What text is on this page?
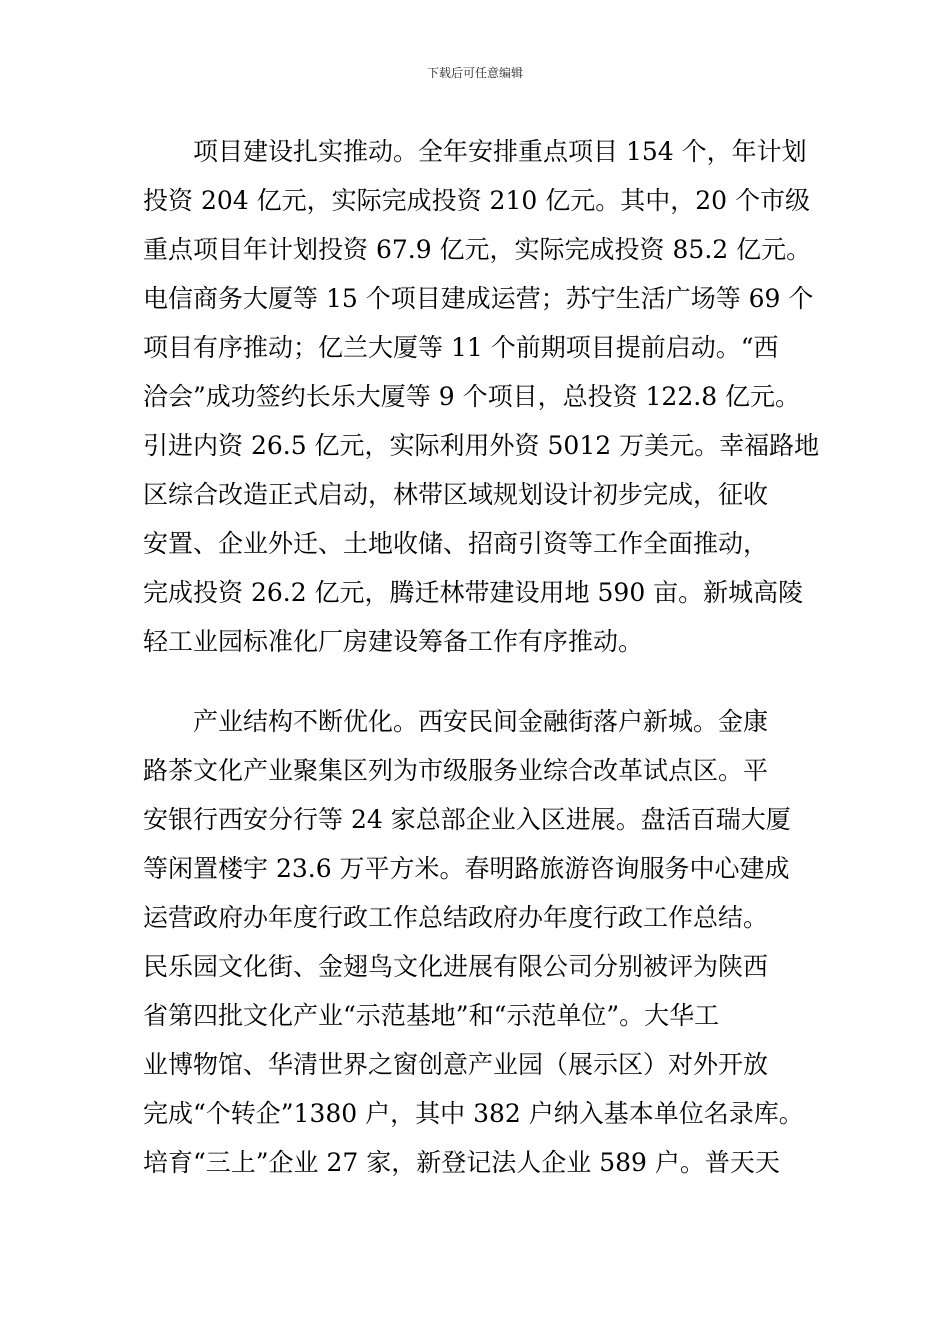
下载后可任意编辑
　　项目建设扎实推动。全年安排重点项目 154 个，年计划
投资 204 亿元，实际完成投资 210 亿元。其中，20 个市级
重点项目年计划投资 67.9 亿元，实际完成投资 85.2 亿元。
电信商务大厦等 15 个项目建成运营；苏宁生活广场等 69 个
项目有序推动；亿兰大厦等 11 个前期项目提前启动。“西
洽会”成功签约长乐大厦等 9 个项目，总投资 122.8 亿元。
引进内资 26.5 亿元，实际利用外资 5012 万美元。幸福路地
区综合改造正式启动，林带区域规划设计初步完成，征收
安置、企业外迁、土地收储、招商引资等工作全面推动，
完成投资 26.2 亿元，腾迁林带建设用地 590 亩。新城高陵
轻工业园标准化厂房建设筹备工作有序推动。
　　产业结构不断优化。西安民间金融街落户新城。金康
路茶文化产业聚集区列为市级服务业综合改革试点区。平
安银行西安分行等 24 家总部企业入区进展。盘活百瑞大厦
等闲置楼宇 23.6 万平方米。春明路旅游咨询服务中心建成
运营政府办年度行政工作总结政府办年度行政工作总结。
民乐园文化街、金翅鸟文化进展有限公司分别被评为陕西
省第四批文化产业“示范基地”和“示范单位”。大华工
业博物馆、华清世界之窗创意产业园（展示区）对外开放
完成“个转企”1380 户，其中 382 户纳入基本单位名录库。
培育“三上”企业 27 家，新登记法人企业 589 户。普天天
